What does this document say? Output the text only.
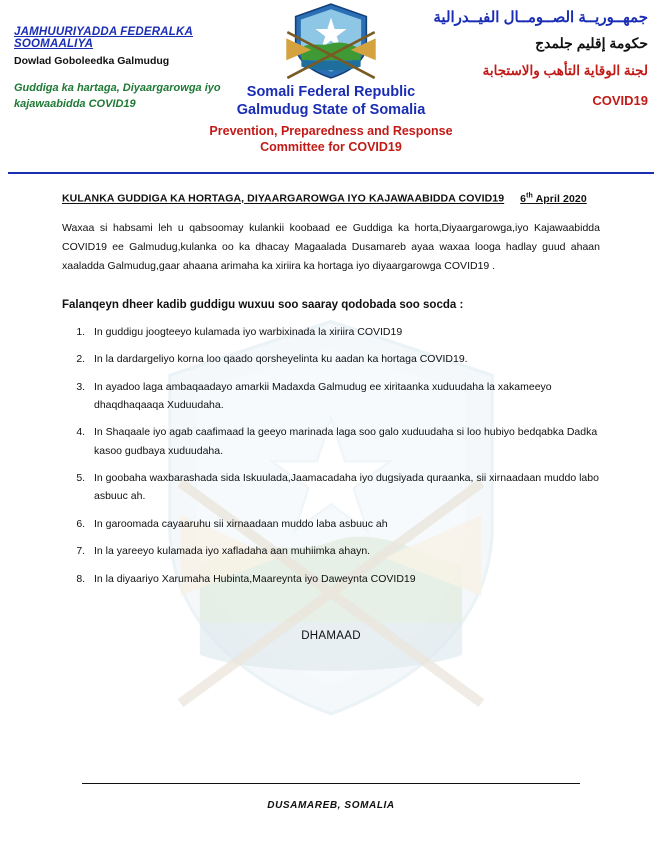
JAMHUURIYADDA FEDERALKA SOOMAALIYA
Dowlad Goboleedka Galmudug
Guddiga ka hartaga, Diyaargarowga iyo kajawaabidda COVID19
Somali Federal Republic
Galmudug State of Somalia
Prevention, Preparedness and Response
Committee for COVID19
جمهــوريــة الصــومــال الفيــدرالية
حكومة إقليم جلمدج
لجنة الوقاية التأهب والاستجابة
COVID19
KULANKA GUDDIGA KA HORTAGA, DIYAARGAROWGA IYO KAJAWAABIDDA COVID19 6th April 2020
Waxaa si habsami leh u qabsoomay kulankii koobaad ee Guddiga ka horta,Diyaargarowga,iyo Kajawaabidda COVID19 ee Galmudug,kulanka oo ka dhacay Magaalada Dusamareb ayaa waxaa looga hadlay guud ahaan xaaladda Galmudug,gaar ahaana arimaha ka xiriira ka hortaga iyo diyaargarowga COVID19 .
Falanqeyn dheer kadib guddigu wuxuu soo saaray qodobada soo socda :
1. In guddigu joogteeyo kulamada iyo warbixinada la xiriira COVID19
2. In la dardargeliyo korna loo qaado qorsheyelinta ku aadan ka hortaga COVID19.
3. In ayadoo laga ambaqaadayo amarkii Madaxda Galmudug ee xiritaanka xuduudaha la xakameeyo dhaqdhaqaaqa Xuduudaha.
4. In Shaqaale iyo agab caafimaad la geeyo marinada laga soo galo xuduudaha si loo hubiyo bedqabka Dadka kasoo gudbaya xuduudaha.
5. In goobaha waxbarashada sida Iskuulada,Jaamacadaha iyo dugsiyada quraanka, sii xirnaadaan muddo labo asbuuc ah.
6. In garoomada cayaaruhu sii xirnaadaan muddo laba asbuuc ah
7. In la yareeyo kulamada iyo xafladaha aan muhiimka ahayn.
8. In la diyaariyo Xarumaha Hubinta,Maareynta iyo Daweynta COVID19
DHAMAAD
DUSAMAREB, SOMALIA
